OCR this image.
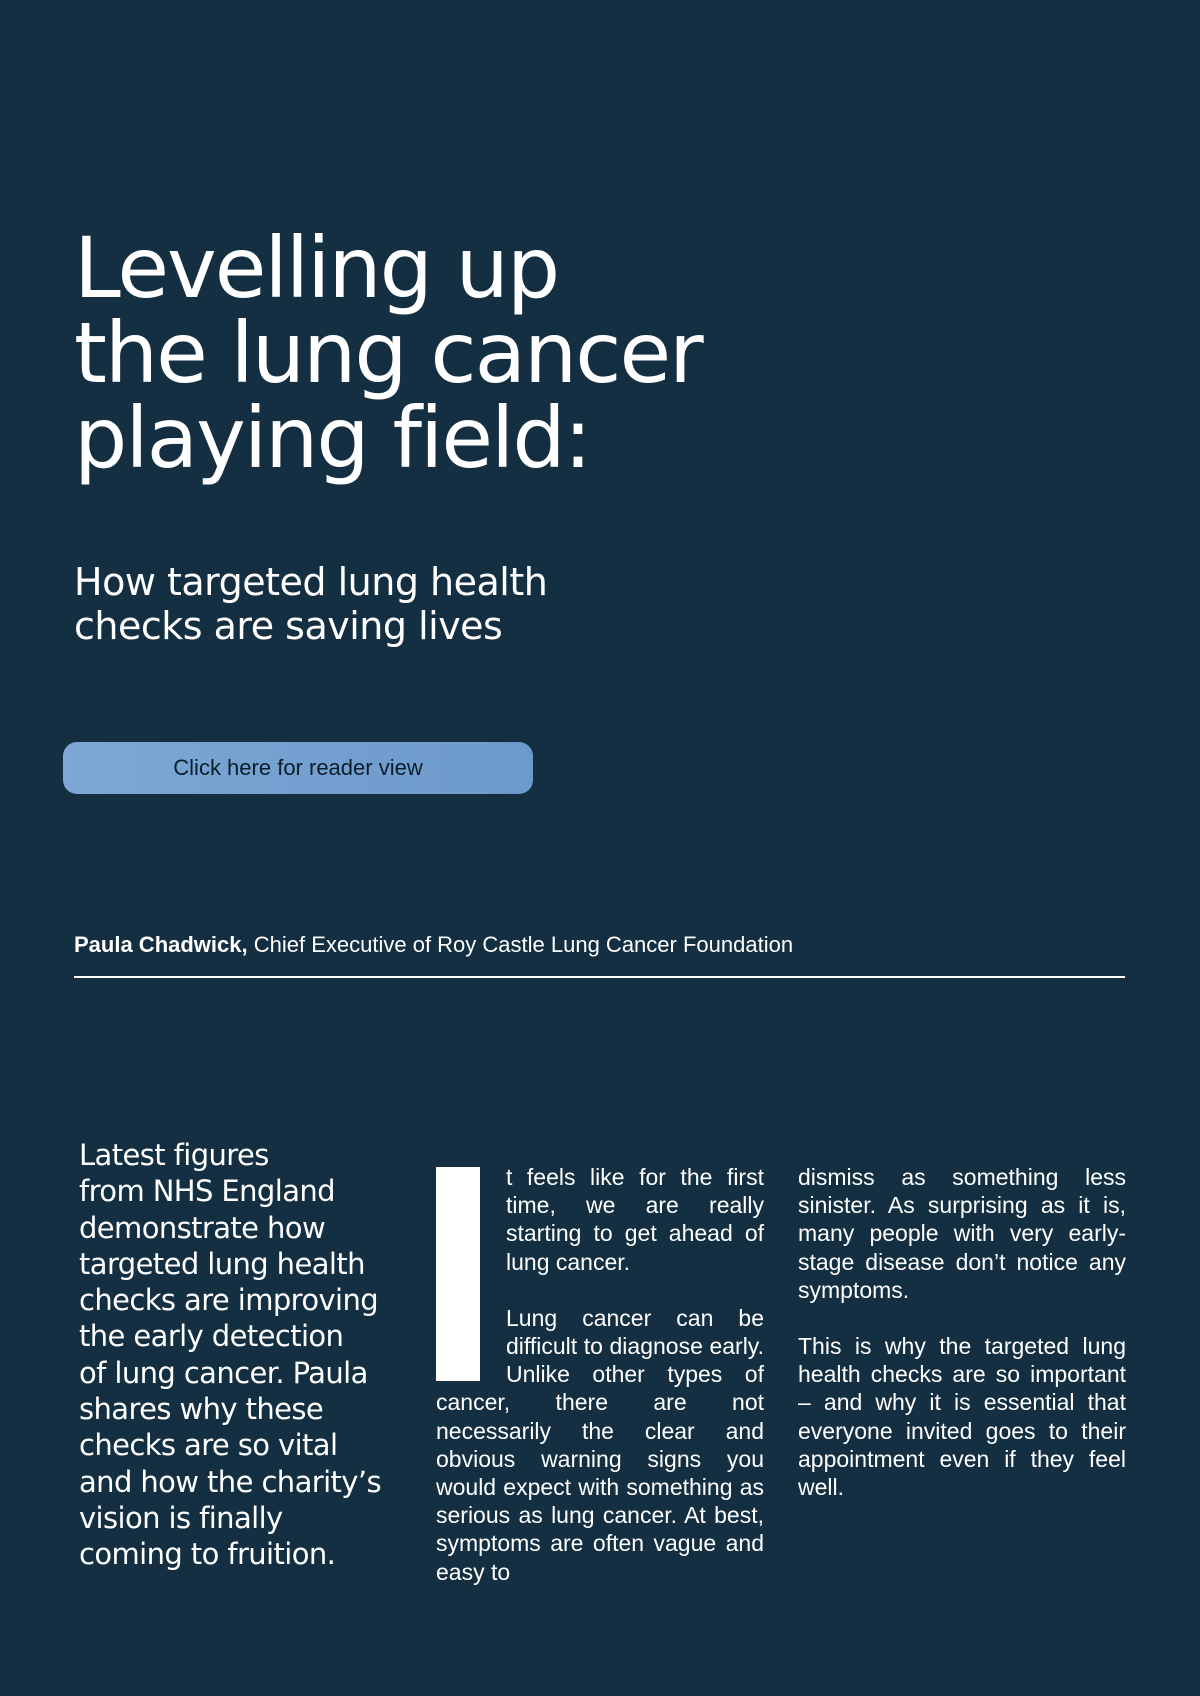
Levelling up
the lung cancer
playing field:
How targeted lung health
checks are saving lives
Click here for reader view

Paula Chadwick, Chief Executive of Roy Castle Lung Cancer Foundation

Latest figures
from NHS England
demonstrate how
targeted lung health
checks are improving
the early detection
of lung cancer. Paula
shares why these
checks are so vital
and how the charity’s
vision is finally
coming to fruition.

I	t feels like for the first time, we are really starting to get ahead of lung cancer.

Lung cancer can be difficult to diagnose early. Unlike other types of cancer, there are not necessarily the clear and obvious warning signs you would expect with something as serious as lung cancer. At best, symptoms are often vague and easy to

dismiss as something less sinister. As surprising as it is, many people with very early-stage disease don’t notice any symptoms.

This is why the targeted lung health checks are so important – and why it is essential that everyone invited goes to their appointment even if they feel well.
